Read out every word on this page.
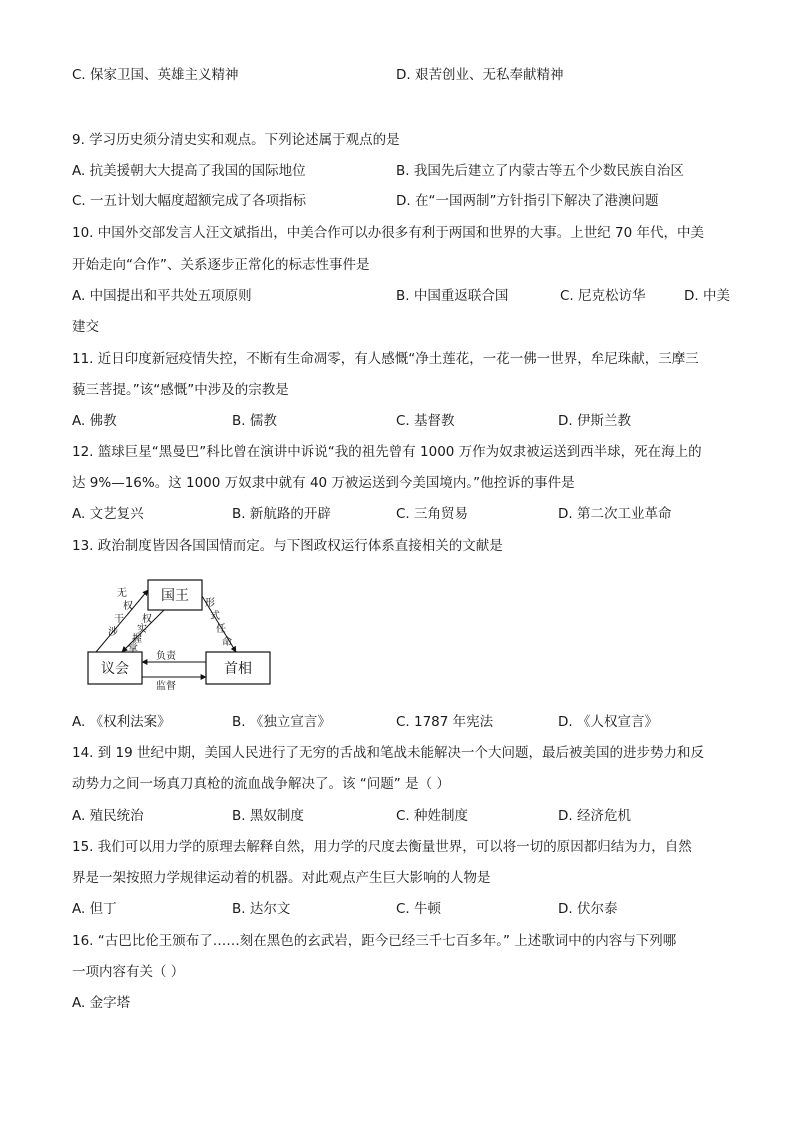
C. 保家卫国、英雄主义精神	D. 艰苦创业、无私奉献精神
9. 学习历史须分清史实和观点。下列论述属于观点的是
A. 抗美援朝大大提高了我国的国际地位	B. 我国先后建立了内蒙古等五个少数民族自治区
C. 一五计划大幅度超额完成了各项指标	D. 在“一国两制”方针指引下解决了港澳问题
10. 中国外交部发言人汪文斌指出，中美合作可以办很多有利于两国和世界的大事。上世纪 70 年代，中美
开始走向“合作”、关系逐步正常化的标志性事件是
A. 中国提出和平共处五项原则	B. 中国重返联合国	C. 尼克松访华	D. 中美
建交
11. 近日印度新冠疫情失控，不断有生命凋零，有人感慨“净土莲花，一花一佛一世界，牟尼珠献，三摩三
藐三菩提。”该“感慨”中涉及的宗教是
A. 佛教	B. 儒教	C. 基督教	D. 伊斯兰教
12. 篮球巨星“黑曼巴”科比曾在演讲中诉说“我的祖先曾有 1000 万作为奴隶被运送到西半球，死在海上的
达 9%—16%。这 1000 万奴隶中就有 40 万被运送到今美国境内。”他控诉的事件是
A. 文艺复兴	B. 新航路的开辟	C. 三角贸易	D. 第二次工业革命
13. 政治制度皆因各国国情而定。与下图政权运行体系直接相关的文献是
国王
议会	首相
无
权
干
涉
权
实
握
掌
形
式
任
命
负责
监督
A. 《权利法案》	B. 《独立宣言》	C. 1787 年宪法	D. 《人权宣言》
14. 到 19 世纪中期，美国人民进行了无穷的舌战和笔战未能解决一个大问题，最后被美国的进步势力和反
动势力之间一场真刀真枪的流血战争解决了。该 “问题” 是（ ）
A. 殖民统治	B. 黑奴制度	C. 种姓制度	D. 经济危机
15. 我们可以用力学的原理去解释自然，用力学的尺度去衡量世界，可以将一切的原因都归结为力，自然
界是一架按照力学规律运动着的机器。对此观点产生巨大影响的人物是
A. 但丁	B. 达尔文	C. 牛顿	D. 伏尔泰
16. “古巴比伦王颁布了……刻在黑色的玄武岩，距今已经三千七百多年。” 上述歌词中的内容与下列哪
一项内容有关（ ）
A. 金字塔
